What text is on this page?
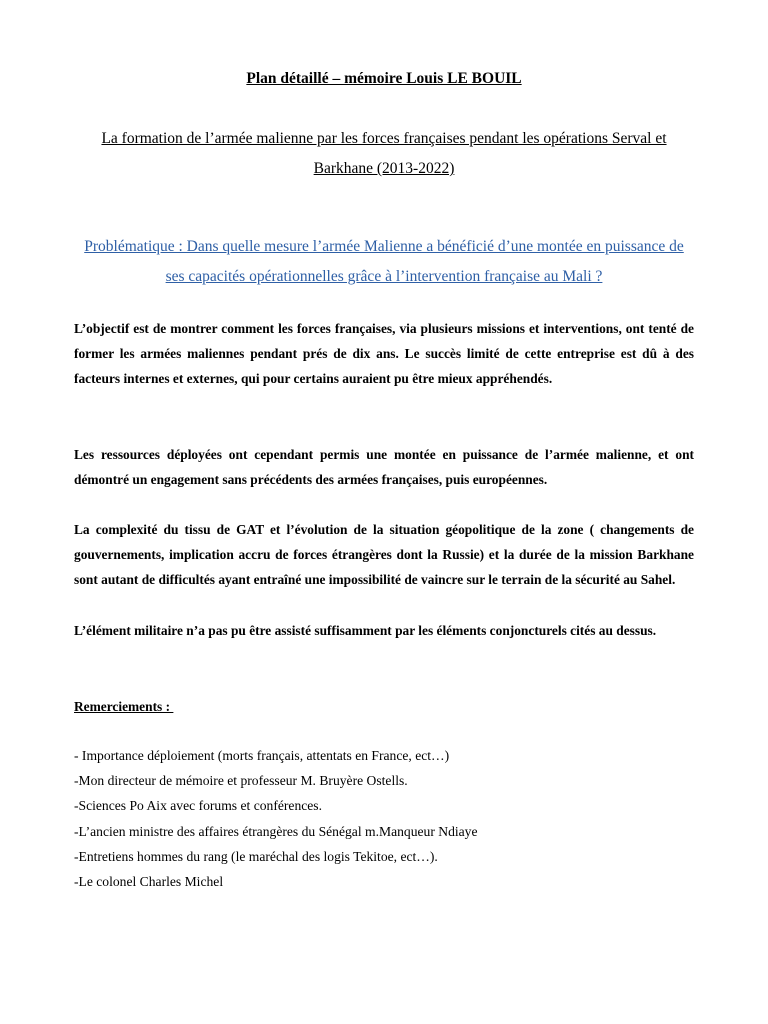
Plan détaillé – mémoire Louis LE BOUIL
La formation de l’armée malienne par les forces françaises pendant les opérations Serval et Barkhane (2013-2022)
Problématique : Dans quelle mesure l’armée Malienne a bénéficié d’une montée en puissance de ses capacités opérationnelles grâce à l’intervention française au Mali ?

L’objectif est de montrer comment les forces françaises, via plusieurs missions et interventions, ont tenté de former les armées maliennes pendant prés de dix ans. Le succès limité de cette entreprise est dû à des facteurs internes et externes, qui pour certains auraient pu être mieux appréhendés.

Les ressources déployées ont cependant permis une montée en puissance de l’armée malienne, et ont démontré un engagement sans précédents des armées françaises, puis européennes.

La complexité du tissu de GAT et l’évolution de la situation géopolitique de la zone ( changements de gouvernements, implication accru de forces étrangères dont la Russie) et la durée de la mission Barkhane sont autant de difficultés ayant entraîné une impossibilité de vaincre sur le terrain de la sécurité au Sahel.

L’élément militaire n’a pas pu être assisté suffisamment par les éléments conjoncturels cités au dessus.

Remerciements :
- Importance déploiement (morts français, attentats en France, ect…)
-Mon directeur de mémoire et professeur M. Bruyère Ostells.
-Sciences Po Aix avec forums et conférences.
-L’ancien ministre des affaires étrangères du Sénégal m.Manqueur Ndiaye
-Entretiens hommes du rang (le maréchal des logis Tekitoe, ect…).
-Le colonel Charles Michel
